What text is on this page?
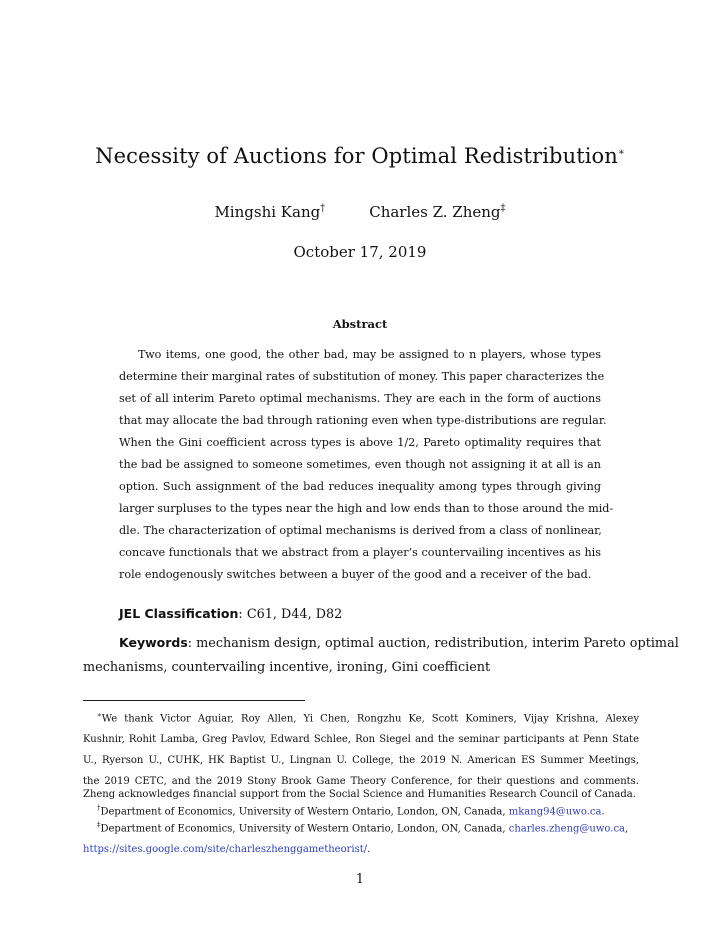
Necessity of Auctions for Optimal Redistribution∗
Mingshi Kang†	Charles Z. Zheng‡
October 17, 2019
Abstract
Two items, one good, the other bad, may be assigned to n players, whose types
determine their marginal rates of substitution of money. This paper characterizes the
set of all interim Pareto optimal mechanisms. They are each in the form of auctions
that may allocate the bad through rationing even when type-distributions are regular.
When the Gini coefficient across types is above 1/2, Pareto optimality requires that
the bad be assigned to someone sometimes, even though not assigning it at all is an
option. Such assignment of the bad reduces inequality among types through giving
larger surpluses to the types near the high and low ends than to those around the mid-
dle. The characterization of optimal mechanisms is derived from a class of nonlinear,
concave functionals that we abstract from a player’s countervailing incentives as his
role endogenously switches between a buyer of the good and a receiver of the bad.
JEL Classification: C61, D44, D82
Keywords: mechanism design, optimal auction, redistribution, interim Pareto optimal
mechanisms, countervailing incentive, ironing, Gini coefficient
∗We thank Victor Aguiar, Roy Allen, Yi Chen, Rongzhu Ke, Scott Kominers, Vijay Krishna, Alexey
Kushnir, Rohit Lamba, Greg Pavlov, Edward Schlee, Ron Siegel and the seminar participants at Penn State
U., Ryerson U., CUHK, HK Baptist U., Lingnan U. College, the 2019 N. American ES Summer Meetings,
the 2019 CETC, and the 2019 Stony Brook Game Theory Conference, for their questions and comments.
Zheng acknowledges financial support from the Social Science and Humanities Research Council of Canada.
†Department of Economics, University of Western Ontario, London, ON, Canada, mkang94@uwo.ca.
‡Department of Economics, University of Western Ontario, London, ON, Canada, charles.zheng@uwo.ca,
https://sites.google.com/site/charleszhenggametheorist/.
1
